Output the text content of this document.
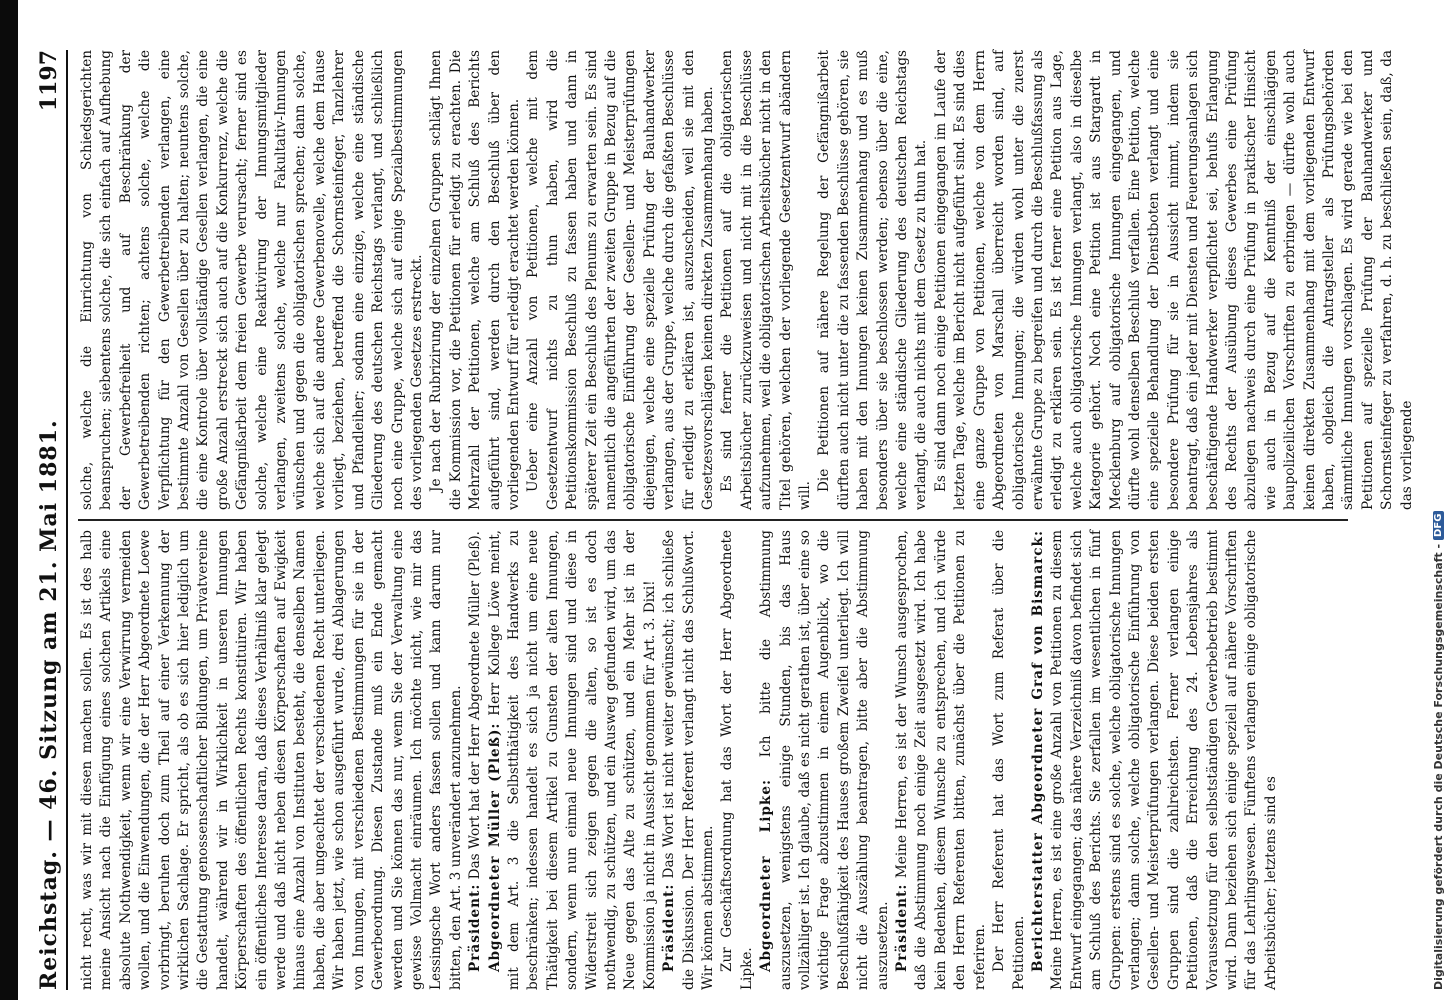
Reichstag. — 46. Sitzung am 21. Mai 1881.
1197

nicht recht, was wir mit diesen machen sollen. Es ist des halb meine Ansicht nach die Einfügung eines solchen Artikels eine absolute Nothwendigkeit, wenn wir eine Verwirrung vermeiden wollen, und die Einwendungen, die der Herr Abgeordnete Loewe vorbringt, beruhen doch zum Theil auf einer Verkennung der wirklichen Sachlage. Er spricht, als ob es sich hier lediglich um die Gestattung genossenschaftlicher Bildungen, um Privatvereine handelt, während wir in Wirklichkeit in unseren Innungen Körperschaften des öffentlichen Rechts konstituiren. Wir haben ein öffentliches Interesse daran, daß dieses Verhältniß klar gelegt werde und daß nicht neben diesen Körperschaften auf Ewigkeit hinaus eine Anzahl von Instituten besteht, die denselben Namen haben, die aber ungeachtet der verschiedenen Recht unterliegen. Wir haben jetzt, wie schon ausgeführt wurde, drei Ablagerungen von Innungen, mit verschiedenen Bestimmungen für sie in der Gewerbeordnung. Diesen Zustande muß ein Ende gemacht werden und Sie können das nur, wenn Sie der Verwaltung eine gewisse Vollmacht einräumen. Ich möchte nicht, wie mir das Lessingsche Wort anders fassen sollen und kann darum nur bitten, den Art. 3 unverändert anzunehmen. Präsident: Das Wort hat der Herr Abgeordnete Müller (Pleß). Abgeordneter Müller (Pleß): Herr Kollege Löwe meint, mit dem Art. 3 die Selbstthätigkeit des Handwerks zu beschränken; indessen handelt es sich ja nicht um eine neue Thätigkeit bei diesem Artikel zu Gunsten der alten Innungen, sondern, wenn nun einmal neue Innungen sind und diese in Widerstreit sich zeigen gegen die alten, so ist es doch nothwendig, zu schützen, und ein Ausweg gefunden wird, um das Neue gegen das Alte zu schützen, und ein Mehr ist in der Kommission ja nicht in Aussicht genommen für Art. 3. Dixi! Präsident: Das Wort ist nicht weiter gewünscht; ich schließe die Diskussion. Der Herr Referent verlangt nicht das Schlußwort. Wir können abstimmen. Zur Geschäftsordnung hat das Wort der Herr Abgeordnete Lipke. Abgeordneter Lipke: Ich bitte die Abstimmung auszusetzen, wenigstens einige Stunden, bis das Haus vollzähliger ist. Ich glaube, daß es nicht gerathen ist, über eine so wichtige Frage abzustimmen in einem Augenblick, wo die Beschlußfähigkeit des Hauses großem Zweifel unterliegt. Ich will nicht die Auszählung beantragen, bitte aber die Abstimmung auszusetzen. Präsident: Meine Herren, es ist der Wunsch ausgesprochen, daß die Abstimmung noch einige Zeit ausgesetzt wird. Ich habe kein Bedenken, diesem Wunsche zu entsprechen, und ich würde den Herrn Referenten bitten, zunächst über die Petitionen zu referiren. Der Herr Referent hat das Wort zum Referat über die Petitionen. Berichterstatter Abgeordneter Graf von Bismarck: Meine Herren, es ist eine große Anzahl von Petitionen zu diesem Entwurf eingegangen; das nähere Verzeichniß davon befindet sich am Schluß des Berichts. Sie zerfallen im wesentlichen in fünf Gruppen: erstens sind es solche, welche obligatorische Innungen verlangen; dann solche, welche obligatorische Einführung von Gesellen- und Meisterprüfungen verlangen. Diese beiden ersten Gruppen sind die zahlreichsten. Ferner verlangen einige Petitionen, daß die Erreichung des 24. Lebensjahres als Voraussetzung für den selbstständigen Gewerbebetrieb bestimmt wird. Dann beziehen sich einige speziell auf nähere Vorschriften für das Lehrlingswesen. Fünftens verlangen einige obligatorische Arbeitsbücher; letztens sind es

solche, welche die Einrichtung von Schiedsgerichten beanspruchen; siebentens solche, die sich einfach auf Aufhebung der Gewerbefreiheit und auf Beschränkung der Gewerbetreibenden richten; achtens solche, welche die Verpflichtung für den Gewerbetreibenden verlangen, eine bestimmte Anzahl von Gesellen über zu halten; neuntens solche, die eine Kontrole über vollständige Gesellen verlangen, die eine große Anzahl erstreckt sich auch auf die Konkurrenz, welche die Gefängnißarbeit dem freien Gewerbe verursacht; ferner sind es solche, welche eine Reaktivirung der Innungsmitglieder verlangen, zweitens solche, welche nur Fakultativ-Innungen wünschen und gegen die obligatorischen sprechen; dann solche, welche sich auf die andere Gewerbenovelle, welche dem Hause vorliegt, beziehen, betreffend die Schornsteinfeger, Tanzlehrer und Pfandleiher; sodann eine einzige, welche eine ständische Gliederung des deutschen Reichstags verlangt, und schließlich noch eine Gruppe, welche sich auf einige Spezialbestimmungen des vorliegenden Gesetzes erstreckt. Je nach der Rubrizirung der einzelnen Gruppen schlägt Ihnen die Kommission vor, die Petitionen für erledigt zu erachten. Die Mehrzahl der Petitionen, welche am Schluß des Berichts aufgeführt sind, werden durch den Beschluß über den vorliegenden Entwurf für erledigt erachtet werden können. Ueber eine Anzahl von Petitionen, welche mit dem Gesetzentwurf nichts zu thun haben, wird die Petitionskommission Beschluß zu fassen haben und dann in späterer Zeit ein Beschluß des Plenums zu erwarten sein. Es sind namentlich die angeführten der zweiten Gruppe in Bezug auf die obligatorische Einführung der Gesellen- und Meisterprüfungen diejenigen, welche eine spezielle Prüfung der Bauhandwerker verlangen, aus der Gruppe, welche durch die gefaßten Beschlüsse für erledigt zu erklären ist, auszuscheiden, weil sie mit den Gesetzesvorschlägen keinen direkten Zusammenhang haben. Es sind ferner die Petitionen auf die obligatorischen Arbeitsbücher zurückzuweisen und nicht mit in die Beschlüsse aufzunehmen, weil die obligatorischen Arbeitsbücher nicht in den Titel gehören, welchen der vorliegende Gesetzentwurf abändern will.

Die Petitionen auf nähere Regelung der Gefängnißarbeit dürften auch nicht unter die zu fassenden Beschlüsse gehören, sie haben mit den Innungen keinen Zusammenhang und es muß besonders über sie beschlossen werden; ebenso über die eine, welche eine ständische Gliederung des deutschen Reichstags verlangt, die auch nichts mit dem Gesetz zu thun hat. Es sind dann noch einige Petitionen eingegangen im Laufe der letzten Tage, welche im Bericht nicht aufgeführt sind. Es sind dies eine ganze Gruppe von Petitionen, welche von dem Herrn Abgeordneten von Marschall überreicht worden sind, auf obligatorische Innungen; die würden wohl unter die zuerst erwähnte Gruppe zu begreifen und durch die Beschlußfassung als erledigt zu erklären sein. Es ist ferner eine Petition aus Lage, welche auch obligatorische Innungen verlangt, also in dieselbe Kategorie gehört. Noch eine Petition ist aus Stargardt in Mecklenburg auf obligatorische Innungen eingegangen, und dürfte wohl denselben Beschluß verfallen. Eine Petition, welche eine spezielle Behandlung der Dienstboten verlangt und eine besondere Prüfung für sie in Aussicht nimmt, indem sie beantragt, daß ein jeder mit Diensten und Feuerungsanlagen sich beschäftigende Handwerker verpflichtet sei, behufs Erlangung des Rechts der Ausübung dieses Gewerbes eine Prüfung abzulegen nachweis durch eine Prüfung in praktischer Hinsicht wie auch in Bezug auf die Kenntniß der einschlägigen baupolizeilichen Vorschriften zu erbringen — dürfte wohl auch keinen direkten Zusammenhang mit dem vorliegenden Entwurf haben, obgleich die Antragsteller als Prüfungsbehörden sämmtliche Innungen vorschlagen. Es wird gerade wie bei den Petitionen auf spezielle Prüfung der Bauhandwerker und Schornsteinfeger zu verfahren, d. h. zu beschließen sein, daß, da das vorliegende

Digitalisierung gefördert durch die Deutsche Forschungsgemeinschaft -
DFG
